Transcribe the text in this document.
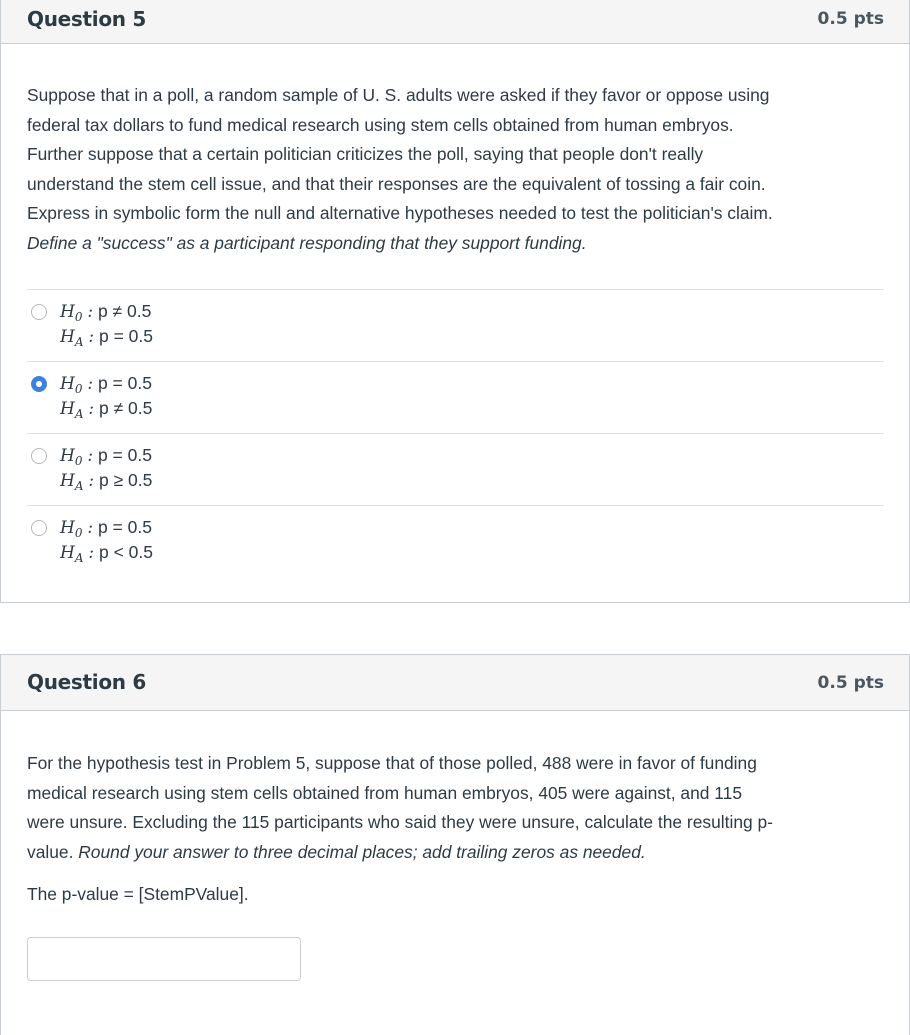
Question 5	0.5 pts

Suppose that in a poll, a random sample of U. S. adults were asked if they favor or oppose using

federal tax dollars to fund medical research using stem cells obtained from human embryos.

Further suppose that a certain politician criticizes the poll, saying that people don't really

understand the stem cell issue, and that their responses are the equivalent of tossing a fair coin.

Express in symbolic form the null and alternative hypotheses needed to test the politician's claim.

Define a "success" as a participant responding that they support funding.

$H_0$ : p ≠ 0.5
$H_A$ : p = 0.5
$H_0$ : p = 0.5
$H_A$ : p ≠ 0.5
$H_0$ : p = 0.5
$H_A$ : p ≥ 0.5
$H_0$ : p = 0.5
$H_A$ : p < 0.5
Question 6	0.5 pts

For the hypothesis test in Problem 5, suppose that of those polled, 488 were in favor of funding

medical research using stem cells obtained from human embryos, 405 were against, and 115

were unsure. Excluding the 115 participants who said they were unsure, calculate the resulting p-

value. Round your answer to three decimal places; add trailing zeros as needed.

The p-value = [StemPValue].
